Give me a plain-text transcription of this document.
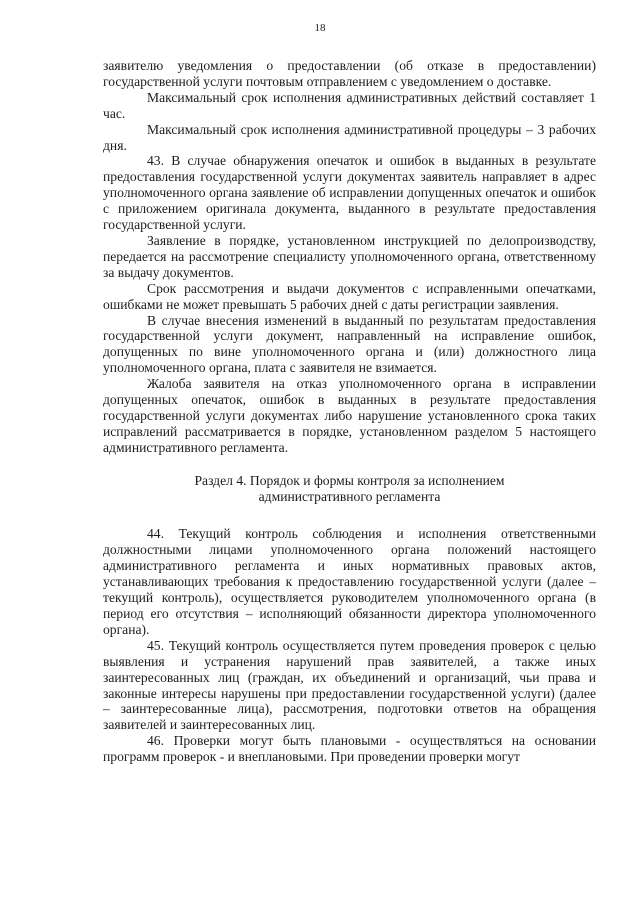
18

заявителю уведомления о предоставлении (об отказе в предоставлении) государственной услуги почтовым отправлением с уведомлением о доставке.

Максимальный срок исполнения административных действий составляет 1 час.

Максимальный срок исполнения административной процедуры – 3 рабочих дня.

43. В случае обнаружения опечаток и ошибок в выданных в результате предоставления государственной услуги документах заявитель направляет в адрес уполномоченного органа заявление об исправлении допущенных опечаток и ошибок с приложением оригинала документа, выданного в результате предоставления государственной услуги.

Заявление в порядке, установленном инструкцией по делопроизводству, передается на рассмотрение специалисту уполномоченного органа, ответственному за выдачу документов.

Срок рассмотрения и выдачи документов с исправленными опечатками, ошибками не может превышать 5 рабочих дней с даты регистрации заявления.

В случае внесения изменений в выданный по результатам предоставления государственной услуги документ, направленный на исправление ошибок, допущенных по вине уполномоченного органа и (или) должностного лица уполномоченного органа, плата с заявителя не взимается.

Жалоба заявителя на отказ уполномоченного органа в исправлении допущенных опечаток, ошибок в выданных в результате предоставления государственной услуги документах либо нарушение установленного срока таких исправлений рассматривается в порядке, установленном разделом 5 настоящего административного регламента.

Раздел 4. Порядок и формы контроля за исполнением
административного регламента

44. Текущий контроль соблюдения и исполнения ответственными должностными лицами уполномоченного органа положений настоящего административного регламента и иных нормативных правовых актов, устанавливающих требования к предоставлению государственной услуги (далее – текущий контроль), осуществляется руководителем уполномоченного органа (в период его отсутствия – исполняющий обязанности директора уполномоченного органа).

45. Текущий контроль осуществляется путем проведения проверок с целью выявления и устранения нарушений прав заявителей, а также иных заинтересованных лиц (граждан, их объединений и организаций, чьи права и законные интересы нарушены при предоставлении государственной услуги) (далее – заинтересованные лица), рассмотрения, подготовки ответов на обращения заявителей и заинтересованных лиц.

46. Проверки могут быть плановыми - осуществляться на основании программ проверок - и внеплановыми. При проведении проверки могут
